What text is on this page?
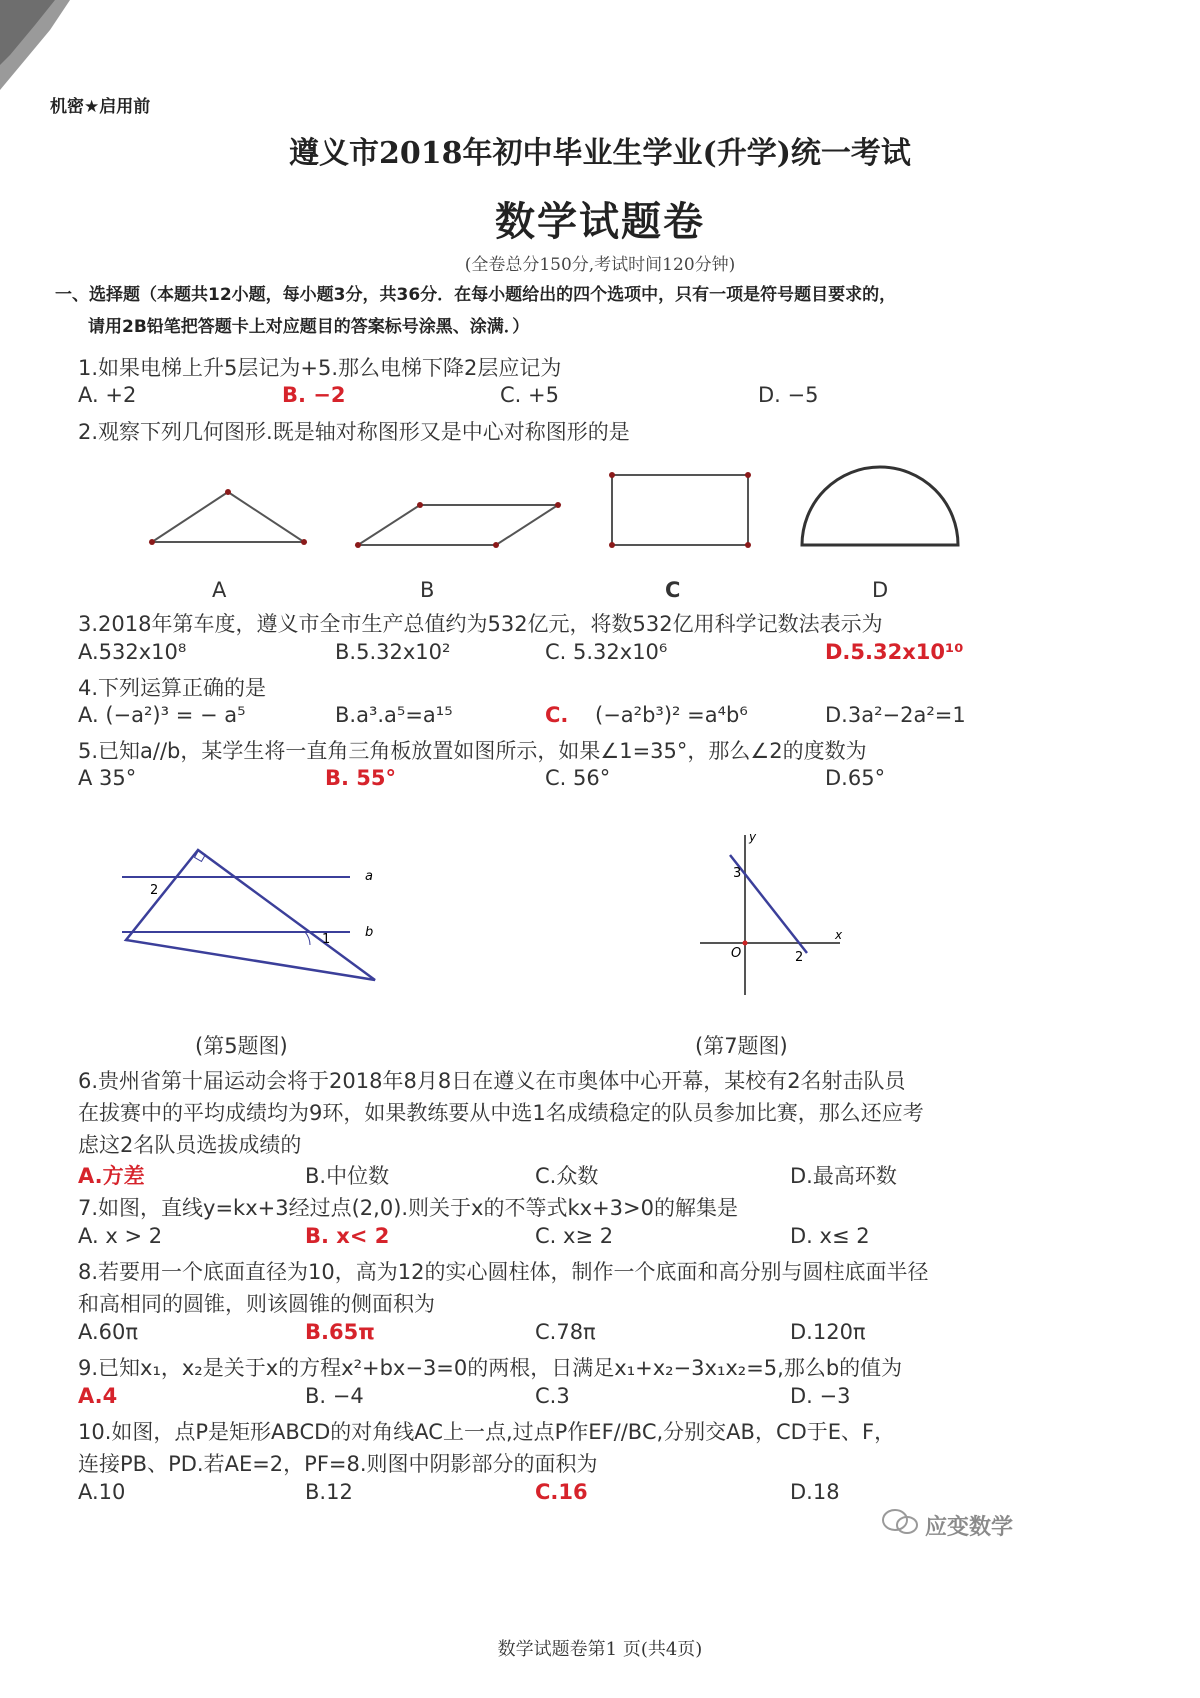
机密★启用前
遵义市2018年初中毕业生学业(升学)统一考试
数学试题卷
(全卷总分150分,考试时间120分钟)
一、选择题（本题共12小题，每小题3分，共36分．在每小题给出的四个选项中，只有一项是符号题目要求的，
请用2B铅笔把答题卡上对应题目的答案标号涂黑、涂满．）
1.如果电梯上升5层记为+5.那么电梯下降2层应记为
A. +2	B. −2	C. +5	D. −5
2.观察下列几何图形.既是轴对称图形又是中心对称图形的是
A	B	C	D
3.2018年第车度，遵义市全市生产总值约为532亿元，将数532亿用科学记数法表示为
A.532x10⁸	B.5.32x10²	C. 5.32x10⁶	D.5.32x10¹⁰
4.下列运算正确的是
A. (−a²)³ = − a⁵	B.a³.a⁵=a¹⁵	C. (−a²b³)² =a⁴b⁶	D.3a²−2a²=1
5.已知a//b，某学生将一直角三角板放置如图所示，如果∠1=35°，那么∠2的度数为
A 35°	B. 55°	C. 56°	D.65°
a
b
1
2
y
x
O
3
2
(第5题图)	(第7题图)
6.贵州省第十届运动会将于2018年8月8日在遵义在市奥体中心开幕，某校有2名射击队员
在拔赛中的平均成绩均为9环，如果教练要从中选1名成绩稳定的队员参加比赛，那么还应考
虑这2名队员选拔成绩的
A.方差	B.中位数	C.众数	D.最高环数
7.如图，直线y=kx+3经过点(2,0).则关于x的不等式kx+3>0的解集是
A. x > 2	B. x< 2	C. x≥ 2	D. x≤ 2
8.若要用一个底面直径为10，高为12的实心圆柱体，制作一个底面和高分别与圆柱底面半径
和高相同的圆锥，则该圆锥的侧面积为
A.60π	B.65π	C.78π	D.120π
9.已知x₁，x₂是关于x的方程x²+bx−3=0的两根，日满足x₁+x₂−3x₁x₂=5,那么b的值为
A.4	B. −4	C.3	D. −3
10.如图，点P是矩形ABCD的对角线AC上一点,过点P作EF//BC,分别交AB，CD于E、F，
连接PB、PD.若AE=2，PF=8.则图中阴影部分的面积为
A.10	B.12	C.16	D.18
应变数学
数学试题卷第1 页(共4页)
